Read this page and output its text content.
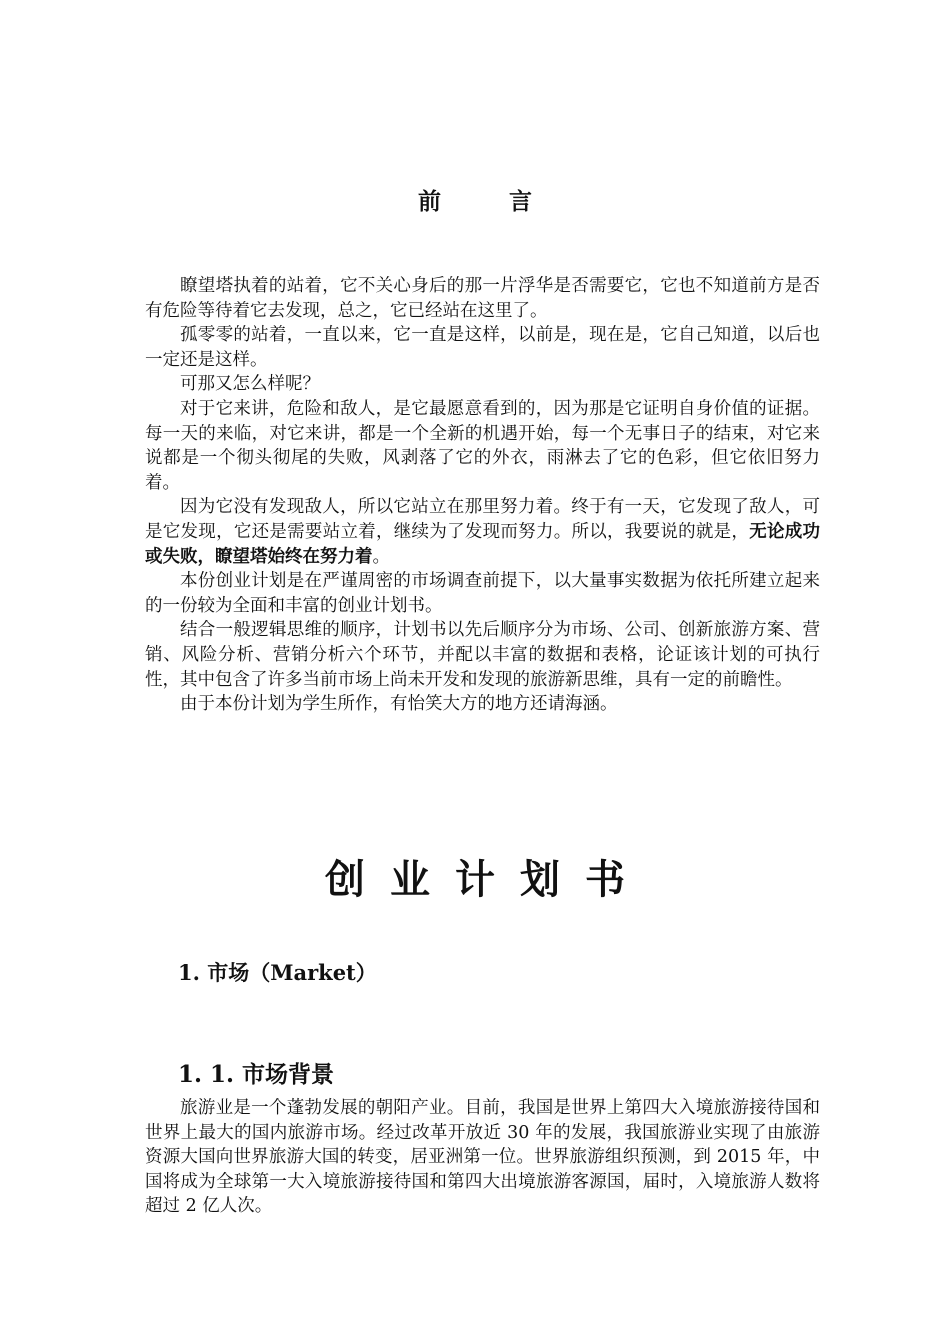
前 言

瞭望塔执着的站着，它不关心身后的那一片浮华是否需要它，它也不知道前方是否有危险等待着它去发现，总之，它已经站在这里了。

孤零零的站着，一直以来，它一直是这样，以前是，现在是，它自己知道，以后也一定还是这样。

可那又怎么样呢？

对于它来讲，危险和敌人，是它最愿意看到的，因为那是它证明自身价值的证据。每一天的来临，对它来讲，都是一个全新的机遇开始，每一个无事日子的结束，对它来说都是一个彻头彻尾的失败，风剥落了它的外衣，雨淋去了它的色彩，但它依旧努力着。

因为它没有发现敌人，所以它站立在那里努力着。终于有一天，它发现了敌人，可是它发现，它还是需要站立着，继续为了发现而努力。所以，我要说的就是，无论成功或失败，瞭望塔始终在努力着。

本份创业计划是在严谨周密的市场调查前提下，以大量事实数据为依托所建立起来的一份较为全面和丰富的创业计划书。

结合一般逻辑思维的顺序，计划书以先后顺序分为市场、公司、创新旅游方案、营销、风险分析、营销分析六个环节，并配以丰富的数据和表格，论证该计划的可执行性，其中包含了许多当前市场上尚未开发和发现的旅游新思维，具有一定的前瞻性。

由于本份计划为学生所作，有怡笑大方的地方还请海涵。

创业计划书
1. 市场（Market）
1. 1. 市场背景

旅游业是一个蓬勃发展的朝阳产业。目前，我国是世界上第四大入境旅游接待国和世界上最大的国内旅游市场。经过改革开放近 30 年的发展，我国旅游业实现了由旅游资源大国向世界旅游大国的转变，居亚洲第一位。世界旅游组织预测，到 2015 年，中国将成为全球第一大入境旅游接待国和第四大出境旅游客源国，届时，入境旅游人数将超过 2 亿人次。
